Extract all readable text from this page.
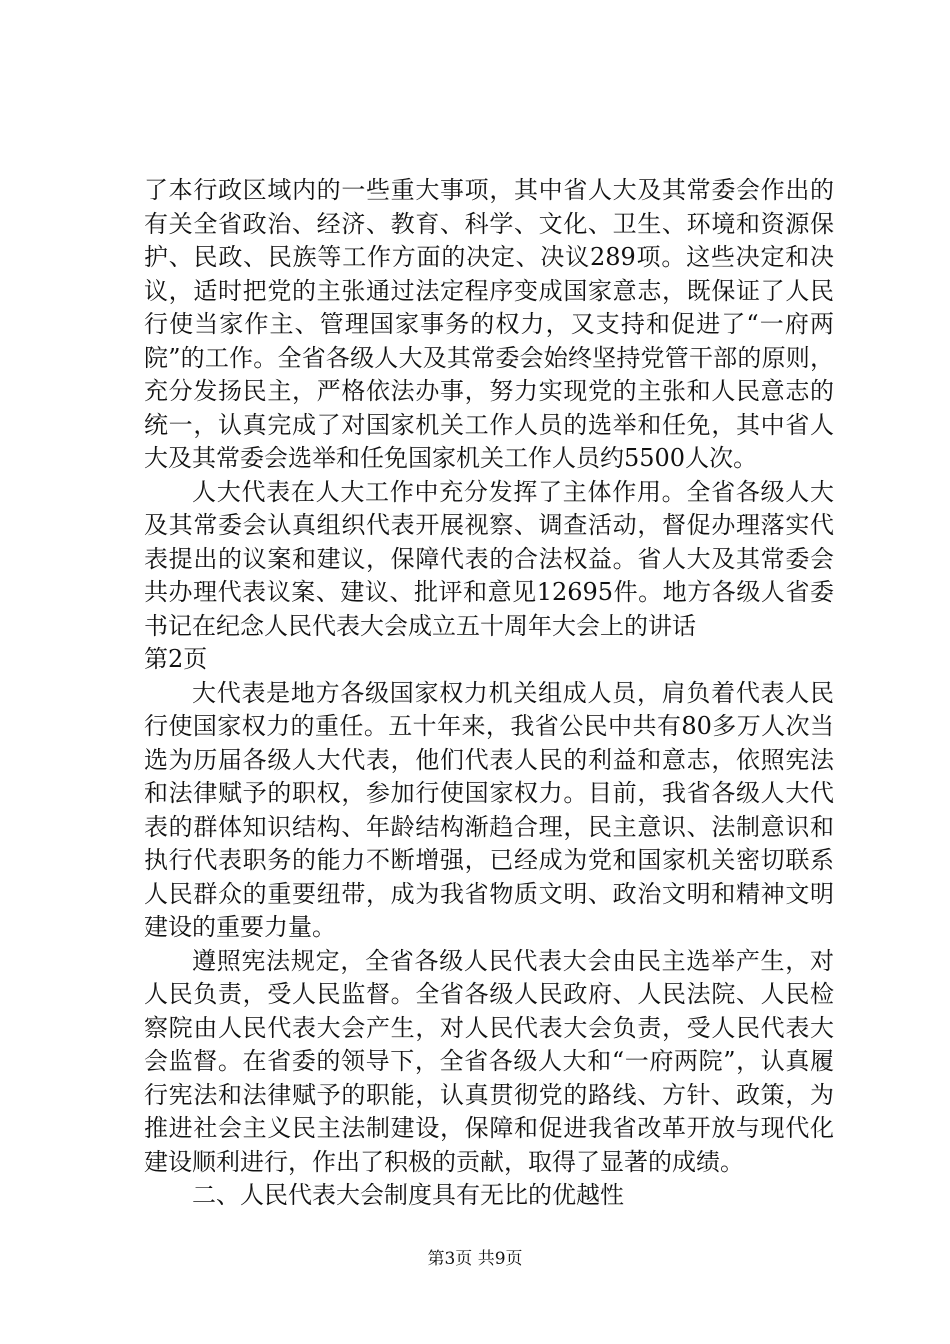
了本行政区域内的一些重大事项，其中省人大及其常委会作出的有关全省政治、经济、教育、科学、文化、卫生、环境和资源保护、民政、民族等工作方面的决定、决议289项。这些决定和决议，适时把党的主张通过法定程序变成国家意志，既保证了人民行使当家作主、管理国家事务的权力，又支持和促进了“一府两院”的工作。全省各级人大及其常委会始终坚持党管干部的原则，充分发扬民主，严格依法办事，努力实现党的主张和人民意志的统一，认真完成了对国家机关工作人员的选举和任免，其中省人大及其常委会选举和任免国家机关工作人员约5500人次。

人大代表在人大工作中充分发挥了主体作用。全省各级人大及其常委会认真组织代表开展视察、调查活动，督促办理落实代表提出的议案和建议，保障代表的合法权益。省人大及其常委会共办理代表议案、建议、批评和意见12695件。地方各级人省委书记在纪念人民代表大会成立五十周年大会上的讲话

第2页

大代表是地方各级国家权力机关组成人员，肩负着代表人民行使国家权力的重任。五十年来，我省公民中共有80多万人次当选为历届各级人大代表，他们代表人民的利益和意志，依照宪法和法律赋予的职权，参加行使国家权力。目前，我省各级人大代表的群体知识结构、年龄结构渐趋合理，民主意识、法制意识和执行代表职务的能力不断增强，已经成为党和国家机关密切联系人民群众的重要纽带，成为我省物质文明、政治文明和精神文明建设的重要力量。

遵照宪法规定，全省各级人民代表大会由民主选举产生，对人民负责，受人民监督。全省各级人民政府、人民法院、人民检察院由人民代表大会产生，对人民代表大会负责，受人民代表大会监督。在省委的领导下，全省各级人大和“一府两院”，认真履行宪法和法律赋予的职能，认真贯彻党的路线、方针、政策，为推进社会主义民主法制建设，保障和促进我省改革开放与现代化建设顺利进行，作出了积极的贡献，取得了显著的成绩。

二、人民代表大会制度具有无比的优越性

第3页 共9页
